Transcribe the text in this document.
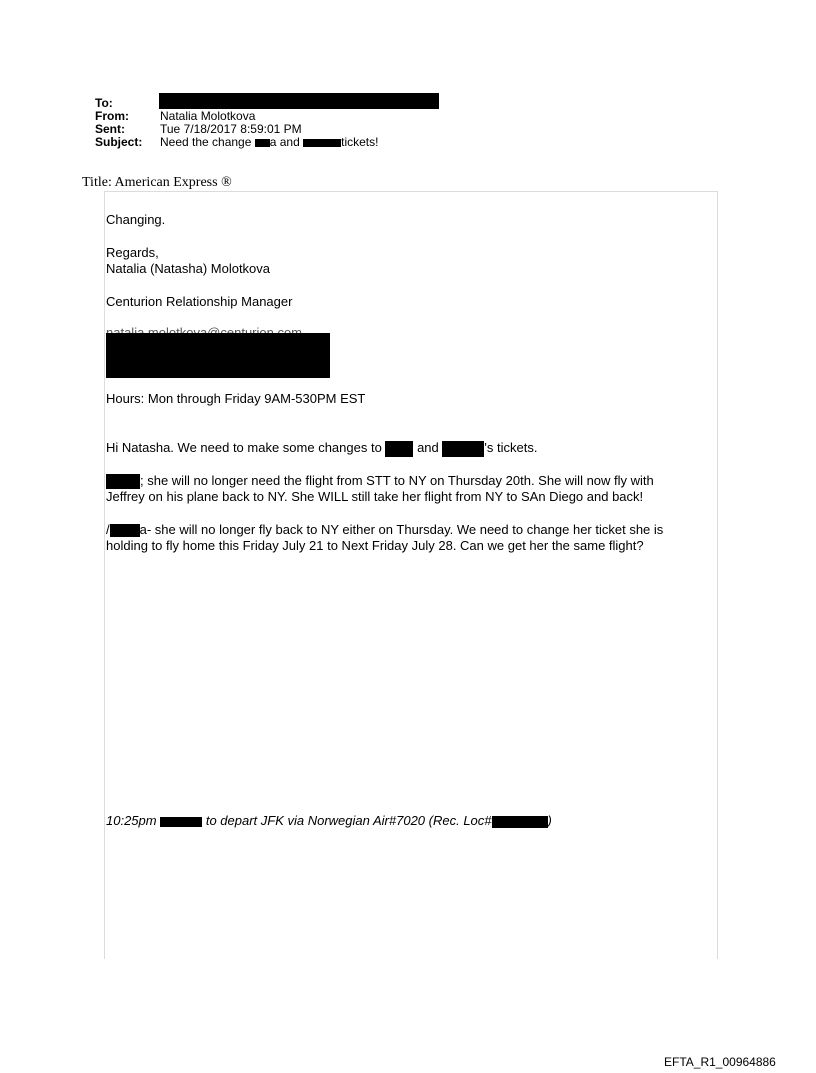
To:
From:	Natalia Molotkova
Sent:	Tue 7/18/2017 8:59:01 PM
Subject: Need the change a and	tickets!
Title: American Express ®
Changing.
Regards,
Natalia (Natasha) Molotkova
Centurion Relationship Manager
Hours: Mon through Friday 9AM-530PM EST
Hi Natasha. We need to make some changes to	and	's tickets.
; she will no longer need the flight from STT to NY on Thursday 20th. She will now fly with
Jeffrey on his plane back to NY. She WILL still take her flight from NY to SAn Diego and back!
/ a- she will no longer fly back to NY either on Thursday. We need to change her ticket she is
holding to fly home this Friday July 21 to Next Friday July 28. Can we get her the same flight?
10:25pm	to depart JFK via Norwegian Air#7020 (Rec. Loc#	)
EFTA_R1_00964886
